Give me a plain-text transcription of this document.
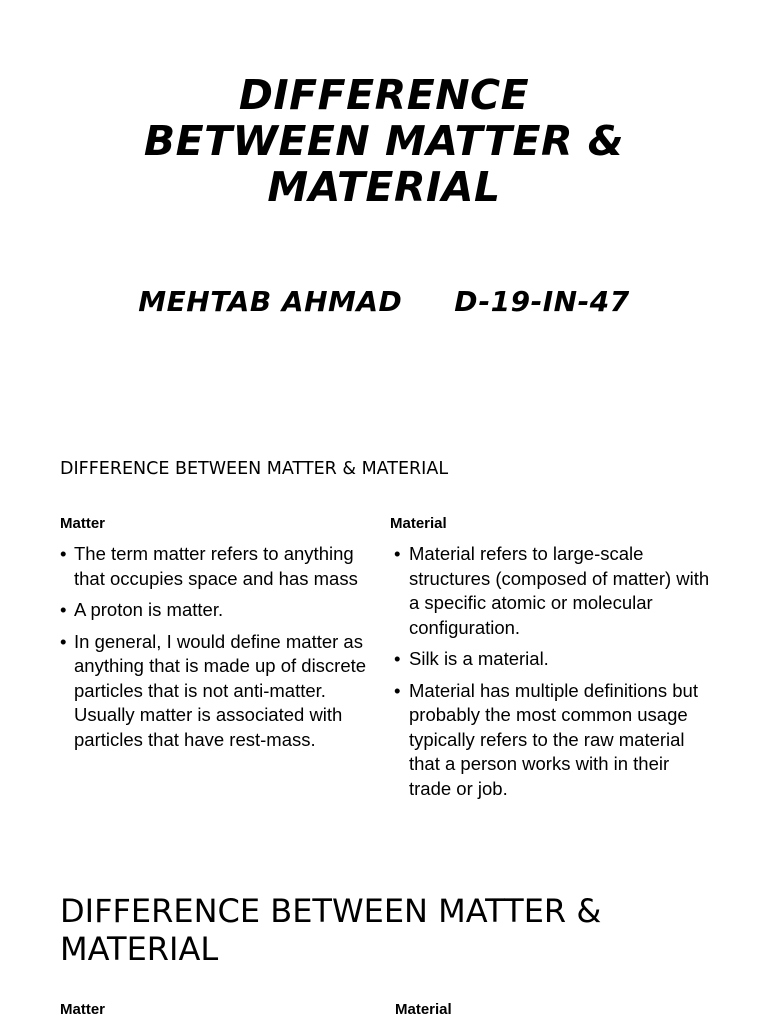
DIFFERENCE
BETWEEN MATTER &
MATERIAL
MEHTAB AHMAD D-19-IN-47
DIFFERENCE BETWEEN MATTER & MATERIAL
Matter
• The term matter refers to anything that occupies space and has mass
• A proton is matter.
• In general, I would define matter as anything that is made up of discrete particles that is not anti-matter. Usually matter is associated with particles that have rest-mass.
Material
• Material refers to large-scale structures (composed of matter) with a specific atomic or molecular configuration.
• Silk is a material.
• Material has multiple definitions but probably the most common usage typically refers to the raw material that a person works with in their trade or job.
DIFFERENCE BETWEEN MATTER & MATERIAL
Matter	Material
